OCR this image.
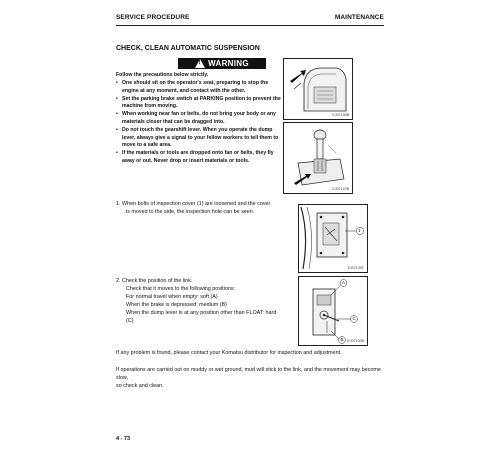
SERVICE PROCEDURE	MAINTENANCE
CHECK, CLEAN AUTOMATIC SUSPENSION
!
WARNING
Follow the precautions below strictly.
• One should sit on the operator's seat, preparing to stop the engine at any moment, and contact with the other.
• Set the parking brake switch at PARKING position to prevent the machine from moving.
• When working near fan or belts, do not bring your body or any materials closer that can be dragged into.
• Do not touch the gearshift lever. When you operate the dump lever, always give a signal to your fellow workers to tell them to move to a safe area.
• If the materials or tools are dropped onto fan or belts, they fly away or out. Never drop or insert materials or tools.
EJ07130B
EJ07147B
1. When bolts of inspection cover (1) are loosened and the cover
is moved to the side, the inspection hole can be seen.
1
EJ07130T
2. Check the position of the link.
Check that it moves to the following positions:
For normal travel when empty: soft (A)
When the brake is depressed: medium (B)
When the dump lever is at any position other than FLOAT: hard
(C)
A
C
B EJ07130B
If any problem is found, please contact your Komatsu distributor for inspection and adjustment.
If operations are carried out on muddy or wet ground, mud will stick to the link, and the movement may become slow,
so check and clean.
4 - 73
